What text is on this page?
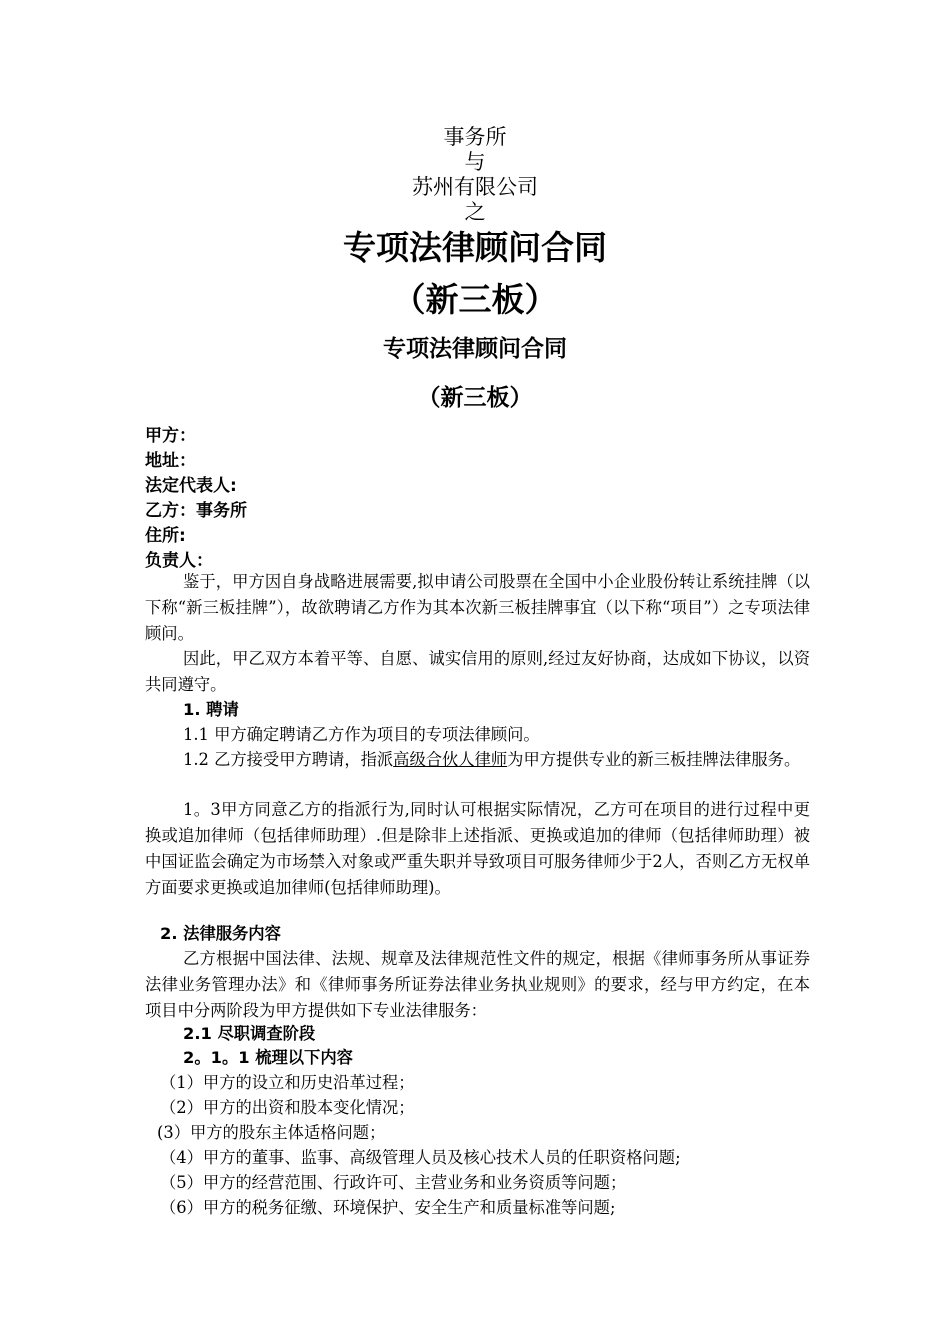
事务所
与
苏州有限公司
之
专项法律顾问合同
（新三板）
专项法律顾问合同
（新三板）
甲方：
地址：
法定代表人:
乙方：事务所
住所:
负责人：
鉴于，甲方因自身战略进展需要,拟申请公司股票在全国中小企业股份转让系统挂牌（以下称“新三板挂牌”），故欲聘请乙方作为其本次新三板挂牌事宜（以下称“项目”）之专项法律顾问。
因此，甲乙双方本着平等、自愿、诚实信用的原则,经过友好协商，达成如下协议，以资共同遵守。
1. 聘请
1.1 甲方确定聘请乙方作为项目的专项法律顾问。
1.2 乙方接受甲方聘请，指派高级合伙人律师为甲方提供专业的新三板挂牌法律服务。
1。3甲方同意乙方的指派行为,同时认可根据实际情况，乙方可在项目的进行过程中更换或追加律师（包括律师助理）.但是除非上述指派、更换或追加的律师（包括律师助理）被中国证监会确定为市场禁入对象或严重失职并导致项目可服务律师少于2人，否则乙方无权单方面要求更换或追加律师(包括律师助理)。
2. 法律服务内容
乙方根据中国法律、法规、规章及法律规范性文件的规定，根据《律师事务所从事证券法律业务管理办法》和《律师事务所证券法律业务执业规则》的要求，经与甲方约定，在本项目中分两阶段为甲方提供如下专业法律服务：
2.1 尽职调查阶段
2。1。1 梳理以下内容
（1）甲方的设立和历史沿革过程；
（2）甲方的出资和股本变化情况；
(3）甲方的股东主体适格问题；
（4）甲方的董事、监事、高级管理人员及核心技术人员的任职资格问题;
（5）甲方的经营范围、行政许可、主营业务和业务资质等问题；
（6）甲方的税务征缴、环境保护、安全生产和质量标准等问题;
